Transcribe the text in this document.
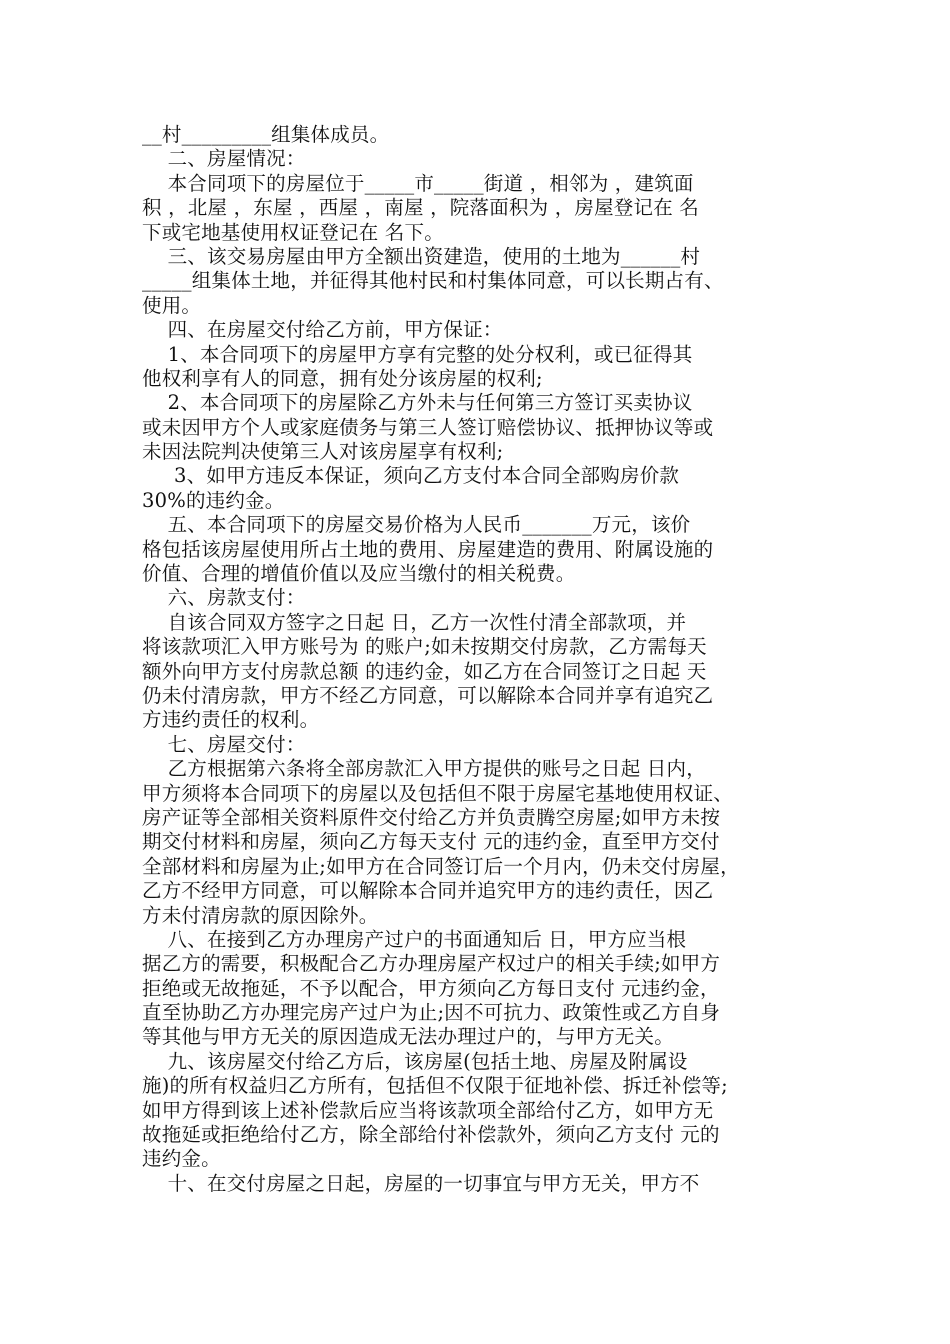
__村_________组集体成员。
二、房屋情况：
本合同项下的房屋位于_____市_____街道 ，相邻为 ，建筑面
积 ，北屋 ，东屋 ，西屋 ，南屋 ，院落面积为 ，房屋登记在 名
下或宅地基使用权证登记在 名下。
三、该交易房屋由甲方全额出资建造，使用的土地为______村
_____组集体土地，并征得其他村民和村集体同意，可以长期占有、
使用。
四、在房屋交付给乙方前，甲方保证：
1、本合同项下的房屋甲方享有完整的处分权利，或已征得其
他权利享有人的同意，拥有处分该房屋的权利;
2、本合同项下的房屋除乙方外未与任何第三方签订买卖协议
或未因甲方个人或家庭债务与第三人签订赔偿协议、抵押协议等或
未因法院判决使第三人对该房屋享有权利;
3、如甲方违反本保证，须向乙方支付本合同全部购房价款
30%的违约金。
五、本合同项下的房屋交易价格为人民币_______万元，该价
格包括该房屋使用所占土地的费用、房屋建造的费用、附属设施的
价值、合理的增值价值以及应当缴付的相关税费。
六、房款支付：
自该合同双方签字之日起 日，乙方一次性付清全部款项，并
将该款项汇入甲方账号为 的账户;如未按期交付房款，乙方需每天
额外向甲方支付房款总额 的违约金，如乙方在合同签订之日起 天
仍未付清房款，甲方不经乙方同意，可以解除本合同并享有追究乙
方违约责任的权利。
七、房屋交付：
乙方根据第六条将全部房款汇入甲方提供的账号之日起 日内，
甲方须将本合同项下的房屋以及包括但不限于房屋宅基地使用权证、
房产证等全部相关资料原件交付给乙方并负责腾空房屋;如甲方未按
期交付材料和房屋，须向乙方每天支付 元的违约金，直至甲方交付
全部材料和房屋为止;如甲方在合同签订后一个月内，仍未交付房屋，
乙方不经甲方同意，可以解除本合同并追究甲方的违约责任，因乙
方未付清房款的原因除外。
八、在接到乙方办理房产过户的书面通知后 日，甲方应当根
据乙方的需要，积极配合乙方办理房屋产权过户的相关手续;如甲方
拒绝或无故拖延，不予以配合，甲方须向乙方每日支付 元违约金，
直至协助乙方办理完房产过户为止;因不可抗力、政策性或乙方自身
等其他与甲方无关的原因造成无法办理过户的，与甲方无关。
九、该房屋交付给乙方后，该房屋(包括土地、房屋及附属设
施)的所有权益归乙方所有，包括但不仅限于征地补偿、拆迁补偿等;
如甲方得到该上述补偿款后应当将该款项全部给付乙方，如甲方无
故拖延或拒绝给付乙方，除全部给付补偿款外，须向乙方支付 元的
违约金。
十、在交付房屋之日起，房屋的一切事宜与甲方无关，甲方不
